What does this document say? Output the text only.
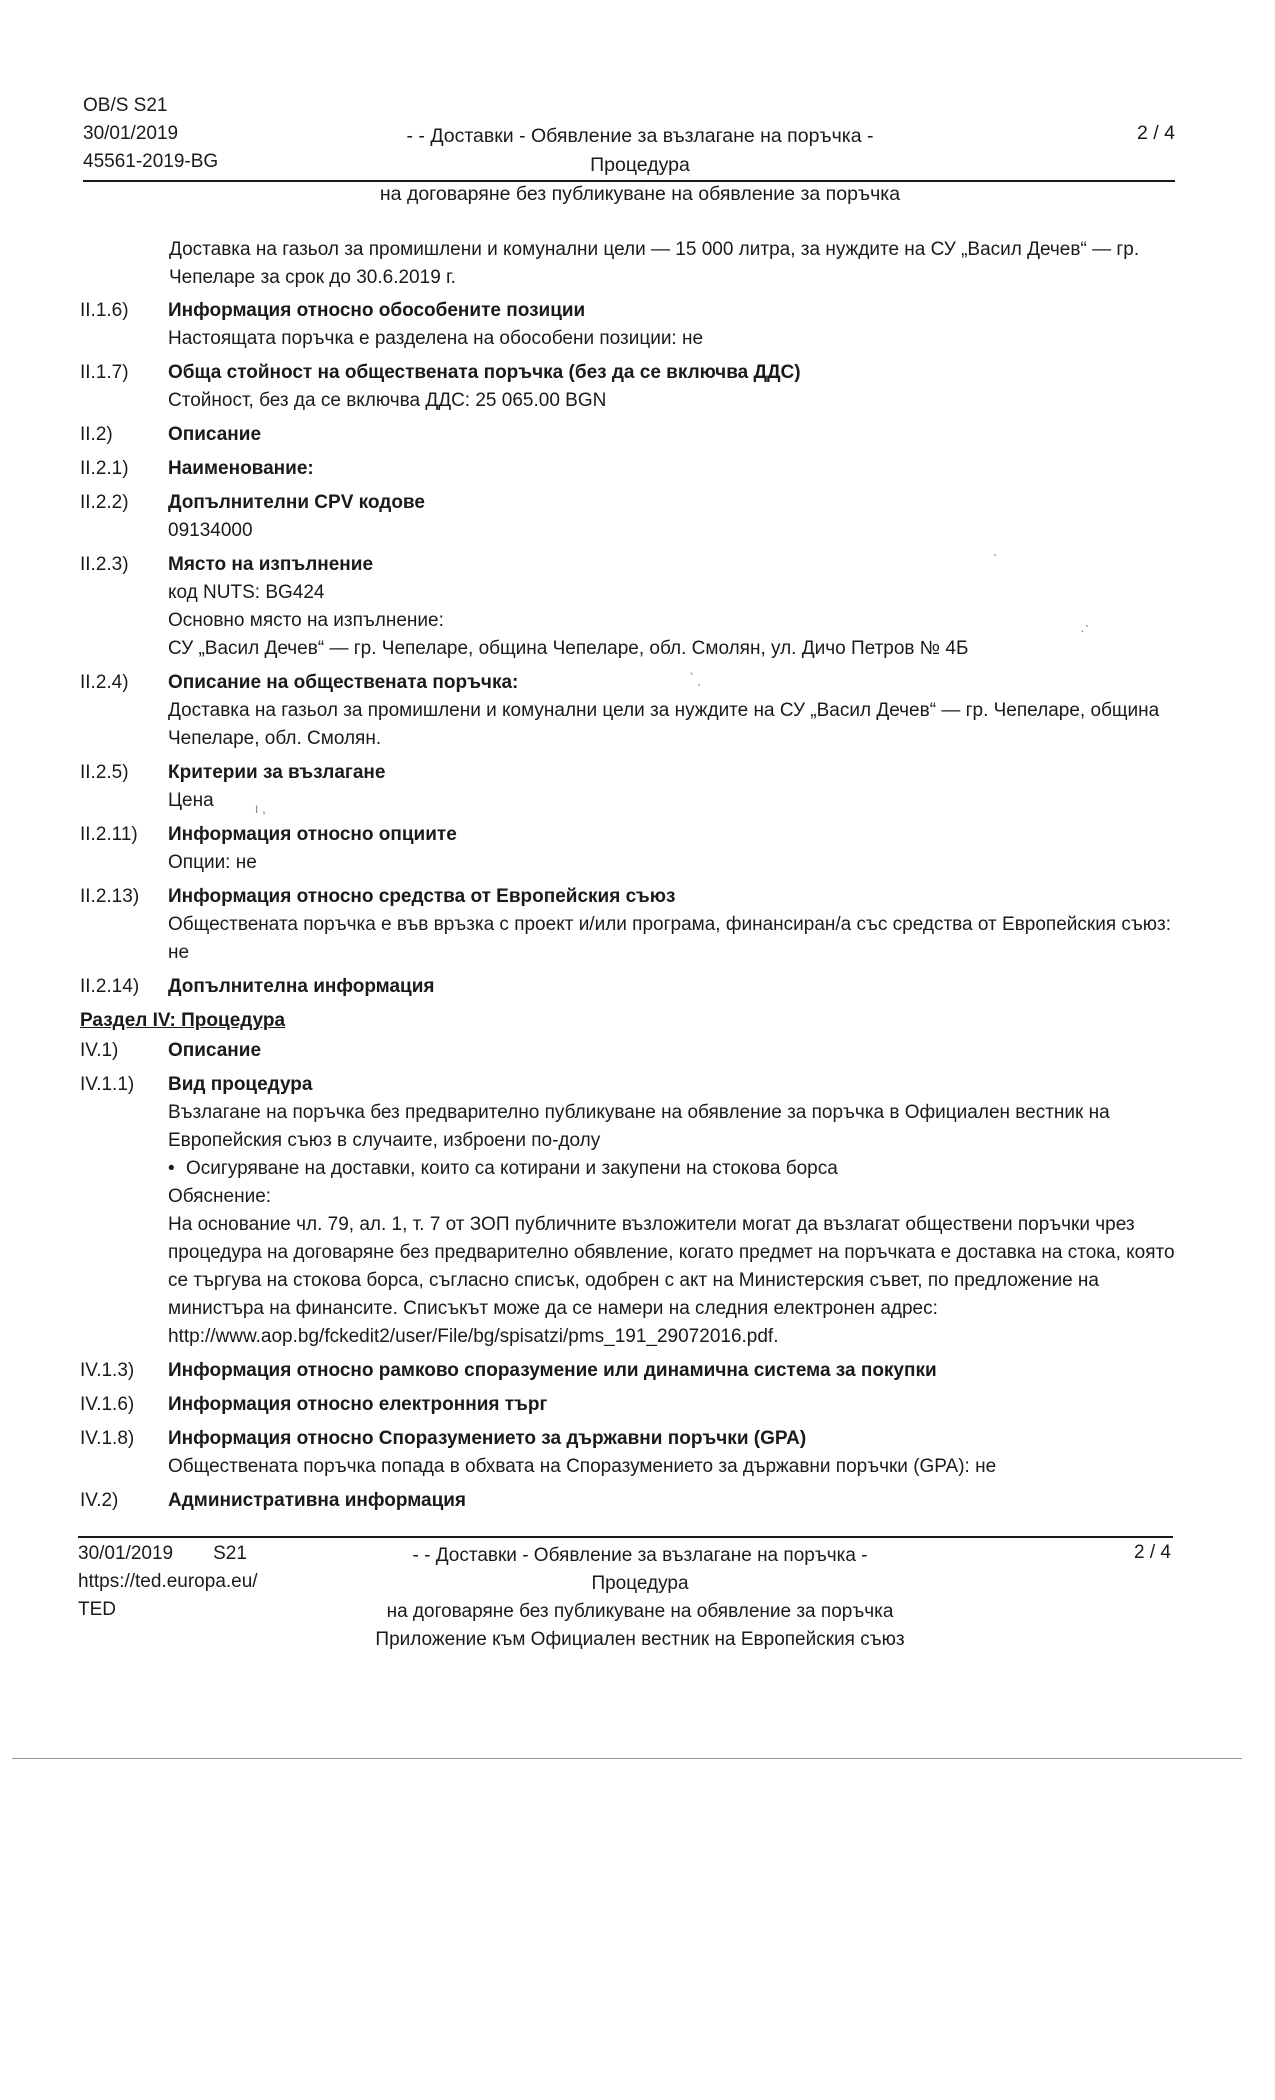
OB/S S21
30/01/2019
45561-2019-BG
- - Доставки - Обявление за възлагане на поръчка - Процедура
на договаряне без публикуване на обявление за поръчка
2 / 4
Доставка на газьол за промишлени и комунални цели — 15 000 литра, за нуждите на СУ „Васил Дечев“ — гр. Чепеларе за срок до 30.6.2019 г.
II.1.6)	Информация относно обособените позиции
Настоящата поръчка е разделена на обособени позиции: не
II.1.7)	Обща стойност на обществената поръчка (без да се включва ДДС)
Стойност, без да се включва ДДС: 25 065.00 BGN
II.2)	Описание
II.2.1)	Наименование:
II.2.2)	Допълнителни CPV кодове
09134000
II.2.3)	Място на изпълнение
код NUTS: BG424
Основно място на изпълнение:
СУ „Васил Дечев“ — гр. Чепеларе, община Чепеларе, обл. Смолян, ул. Дичо Петров № 4Б
II.2.4)	Описание на обществената поръчка:
Доставка на газьол за промишлени и комунални цели за нуждите на СУ „Васил Дечев“ — гр. Чепеларе, община Чепеларе, обл. Смолян.
II.2.5)	Критерии за възлагане
Цена
II.2.11)	Информация относно опциите
Опции: не
II.2.13)	Информация относно средства от Европейския съюз
Обществената поръчка е във връзка с проект и/или програма, финансиран/а със средства от Европейския съюз: не
II.2.14)	Допълнителна информация
Раздел IV: Процедура
IV.1)	Описание
IV.1.1)	Вид процедура
Възлагане на поръчка без предварително публикуване на обявление за поръчка в Официален вестник на Европейския съюз в случаите, изброени по-долу
• Осигуряване на доставки, които са котирани и закупени на стокова борса
Обяснение:
На основание чл. 79, ал. 1, т. 7 от ЗОП публичните възложители могат да възлагат обществени поръчки чрез процедура на договаряне без предварително обявление, когато предмет на поръчката е доставка на стока, която се търгува на стокова борса, съгласно списък, одобрен с акт на Министерския съвет, по предложение на министъра на финансите. Списъкът може да се намери на следния електронен адрес: http://www.aop.bg/fckedit2/user/File/bg/spisatzi/pms_191_29072016.pdf.
IV.1.3)	Информация относно рамково споразумение или динамична система за покупки
IV.1.6)	Информация относно електронния търг
IV.1.8)	Информация относно Споразумението за държавни поръчки (GPA)
Обществената поръчка попада в обхвата на Споразумението за държавни поръчки (GPA): не
IV.2)	Административна информация
30/01/2019 S21
https://ted.europa.eu/
TED
- - Доставки - Обявление за възлагане на поръчка - Процедура
на договаряне без публикуване на обявление за поръчка
Приложение към Официален вестник на Европейския съюз
2 / 4
‵ ˎ
ι ,
ˎ
·ˋ
